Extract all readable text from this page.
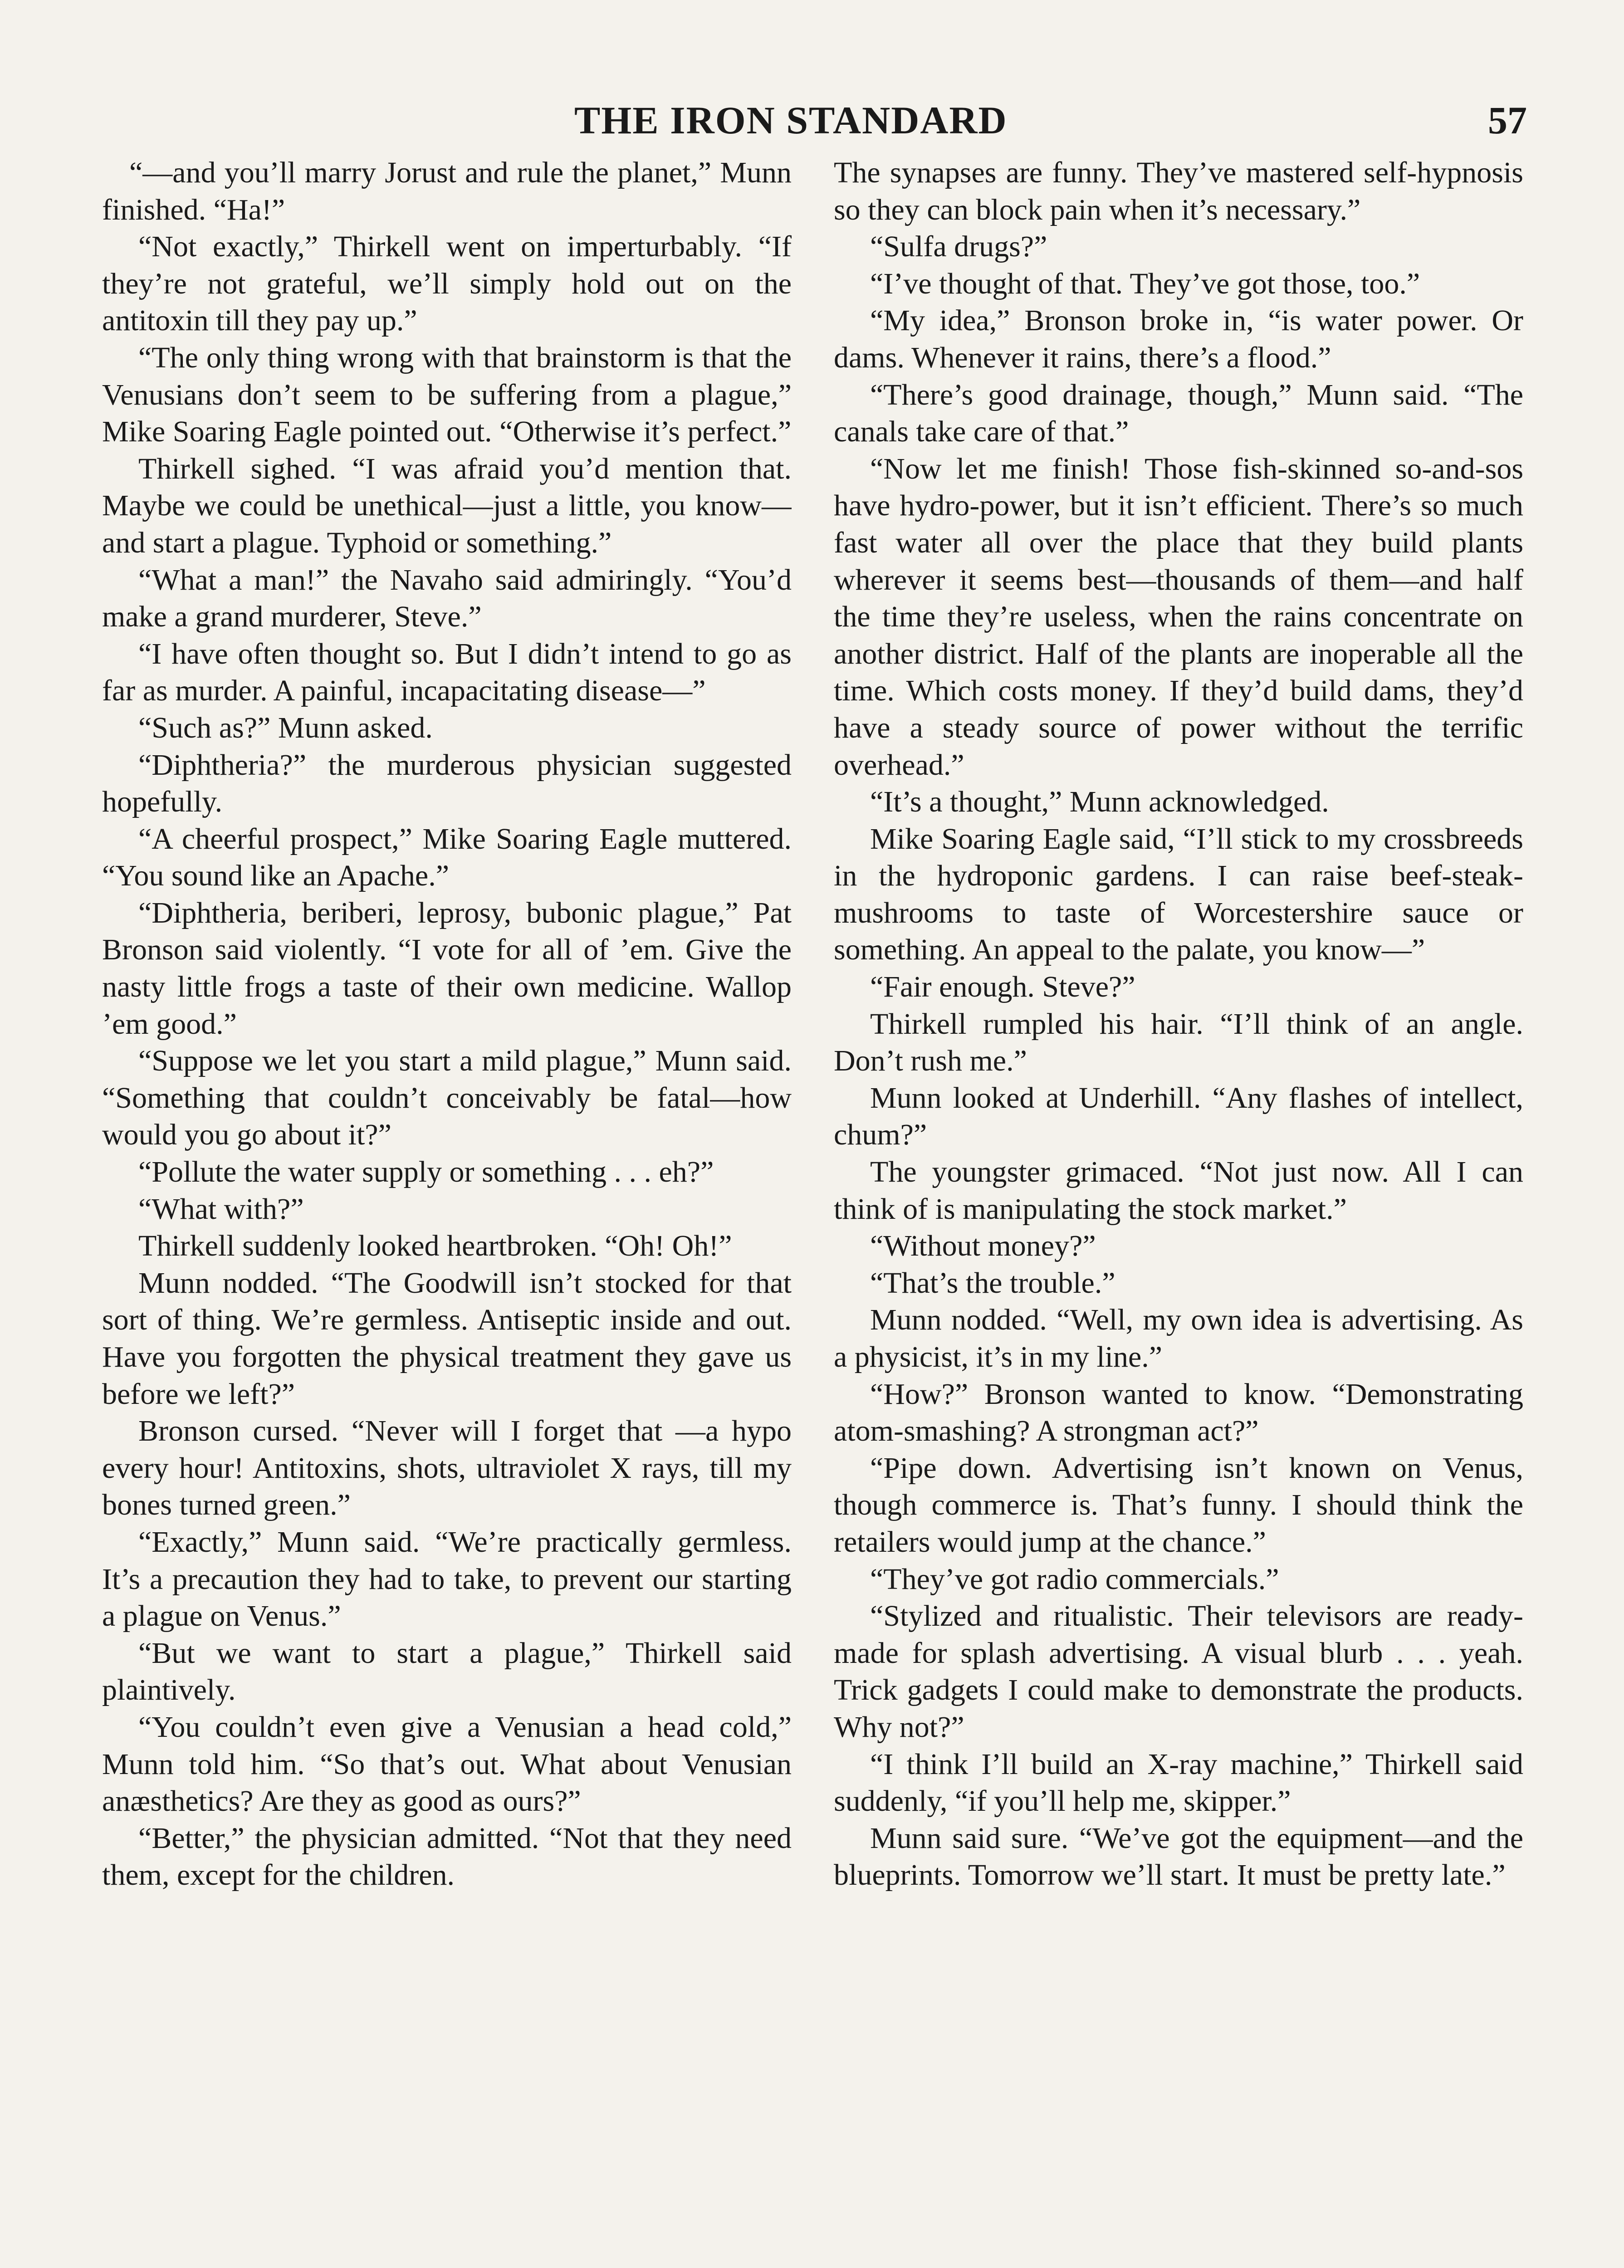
THE IRON STANDARD	57

“—and you’ll marry Jorust and rule the planet,” Munn finished. “Ha!”

“Not exactly,” Thirkell went on imperturbably. “If they’re not grateful, we’ll simply hold out on the antitoxin till they pay up.”

“The only thing wrong with that brainstorm is that the Venusians don’t seem to be suffering from a plague,” Mike Soaring Eagle pointed out. “Otherwise it’s perfect.”

Thirkell sighed. “I was afraid you’d mention that. Maybe we could be unethical—just a little, you know—and start a plague. Typhoid or something.”

“What a man!” the Navaho said admiringly. “You’d make a grand murderer, Steve.”

“I have often thought so. But I didn’t intend to go as far as murder. A painful, incapacitating disease—”

“Such as?” Munn asked.

“Diphtheria?” the murderous physician suggested hopefully.

“A cheerful prospect,” Mike Soaring Eagle muttered. “You sound like an Apache.”

“Diphtheria, beriberi, leprosy, bubonic plague,” Pat Bronson said violently. “I vote for all of ’em. Give the nasty little frogs a taste of their own medicine. Wallop ’em good.”

“Suppose we let you start a mild plague,” Munn said. “Something that couldn’t conceivably be fatal—how would you go about it?”

“Pollute the water supply or something . . . eh?”

“What with?”

Thirkell suddenly looked heartbroken. “Oh! Oh!”

Munn nodded. “The Goodwill isn’t stocked for that sort of thing. We’re germless. Antiseptic inside and out. Have you forgotten the physical treatment they gave us before we left?”

Bronson cursed. “Never will I forget that —a hypo every hour! Antitoxins, shots, ultraviolet X rays, till my bones turned green.”

“Exactly,” Munn said. “We’re practically germless. It’s a precaution they had to take, to prevent our starting a plague on Venus.”

“But we want to start a plague,” Thirkell said plaintively.

“You couldn’t even give a Venusian a head cold,” Munn told him. “So that’s out. What about Venusian anæsthetics? Are they as good as ours?”

“Better,” the physician admitted. “Not that they need them, except for the children.

The synapses are funny. They’ve mastered self-hypnosis so they can block pain when it’s necessary.”

“Sulfa drugs?”

“I’ve thought of that. They’ve got those, too.”

“My idea,” Bronson broke in, “is water power. Or dams. Whenever it rains, there’s a flood.”

“There’s good drainage, though,” Munn said. “The canals take care of that.”

“Now let me finish! Those fish-skinned so-and-sos have hydro-power, but it isn’t efficient. There’s so much fast water all over the place that they build plants wherever it seems best—thousands of them—and half the time they’re useless, when the rains concentrate on another district. Half of the plants are inoperable all the time. Which costs money. If they’d build dams, they’d have a steady source of power without the terrific overhead.”

“It’s a thought,” Munn acknowledged.

Mike Soaring Eagle said, “I’ll stick to my crossbreeds in the hydroponic gardens. I can raise beef-steak-mushrooms to taste of Worcestershire sauce or something. An appeal to the palate, you know—”

“Fair enough. Steve?”

Thirkell rumpled his hair. “I’ll think of an angle. Don’t rush me.”

Munn looked at Underhill. “Any flashes of intellect, chum?”

The youngster grimaced. “Not just now. All I can think of is manipulating the stock market.”

“Without money?”

“That’s the trouble.”

Munn nodded. “Well, my own idea is advertising. As a physicist, it’s in my line.”

“How?” Bronson wanted to know. “Demonstrating atom-smashing? A strongman act?”

“Pipe down. Advertising isn’t known on Venus, though commerce is. That’s funny. I should think the retailers would jump at the chance.”

“They’ve got radio commercials.”

“Stylized and ritualistic. Their televisors are ready-made for splash advertising. A visual blurb . . . yeah. Trick gadgets I could make to demonstrate the products. Why not?”

“I think I’ll build an X-ray machine,” Thirkell said suddenly, “if you’ll help me, skipper.”

Munn said sure. “We’ve got the equipment—and the blueprints. Tomorrow we’ll start. It must be pretty late.”
